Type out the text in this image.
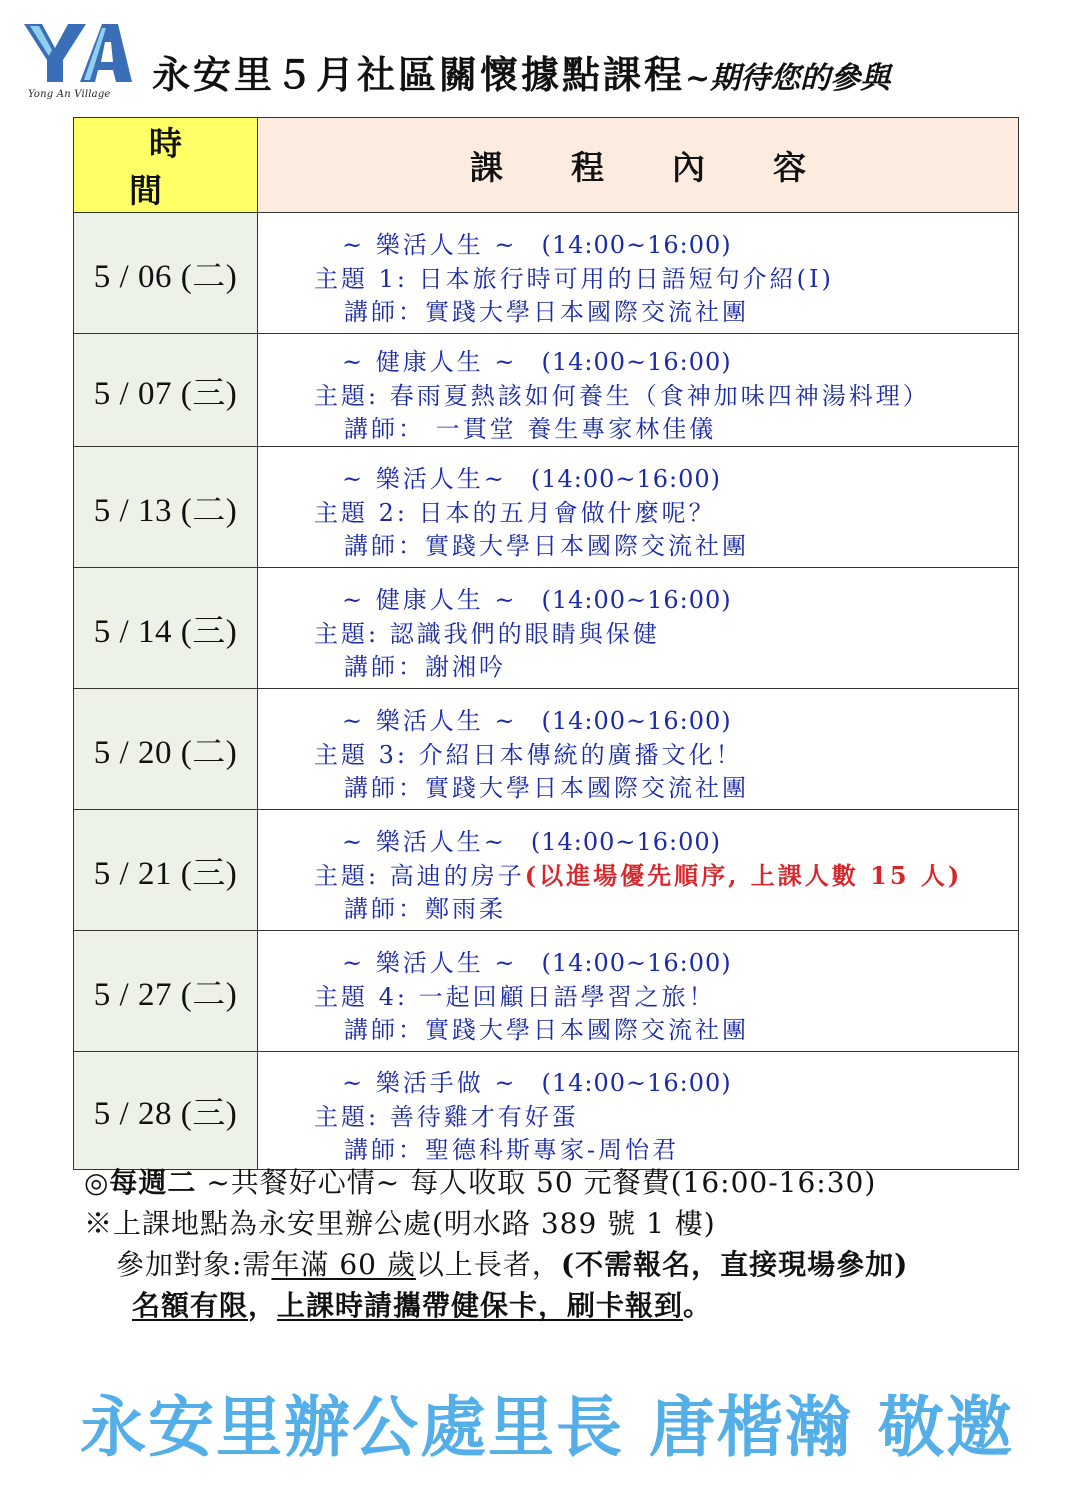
Yong An Village	永安里５月社區關懷據點課程~期待您的參與
時間	課程內容
5 / 06 (二)	~ 樂活人生 ~ (14:00~16:00)
主題 1: 日本旅行時可用的日語短句介紹(I)
講師：實踐大學日本國際交流社團

5 / 07 (三)	~ 健康人生 ~ (14:00~16:00)
主題: 春雨夏熱該如何養生（食神加味四神湯料理）
講師： 一貫堂 養生專家林佳儀

5 / 13 (二)	~ 樂活人生~ (14:00~16:00)
主題 2: 日本的五月會做什麼呢？
講師：實踐大學日本國際交流社團

5 / 14 (三)	~ 健康人生 ~ (14:00~16:00)
主題: 認識我們的眼睛與保健
講師：謝湘吟

5 / 20 (二)	~ 樂活人生 ~ (14:00~16:00)
主題 3: 介紹日本傳統的廣播文化！
講師：實踐大學日本國際交流社團

5 / 21 (三)	~ 樂活人生~ (14:00~16:00)
主題: 高迪的房子(以進場優先順序, 上課人數 15 人)
講師：鄭雨柔

5 / 27 (二)	~ 樂活人生 ~ (14:00~16:00)
主題 4: 一起回顧日語學習之旅！
講師：實踐大學日本國際交流社團

5 / 28 (三)	~ 樂活手做 ~ (14:00~16:00)
主題: 善待雞才有好蛋
講師：聖德科斯專家-周怡君
◎每週二 ~共餐好心情~ 每人收取 50 元餐費(16:00-16:30)
※上課地點為永安里辦公處(明水路 389 號 1 樓)
參加對象:需年滿 60 歲以上長者，(不需報名，直接現場參加)
名額有限，上課時請攜帶健保卡，刷卡報到。
永安里辦公處里長 唐楷瀚 敬邀
